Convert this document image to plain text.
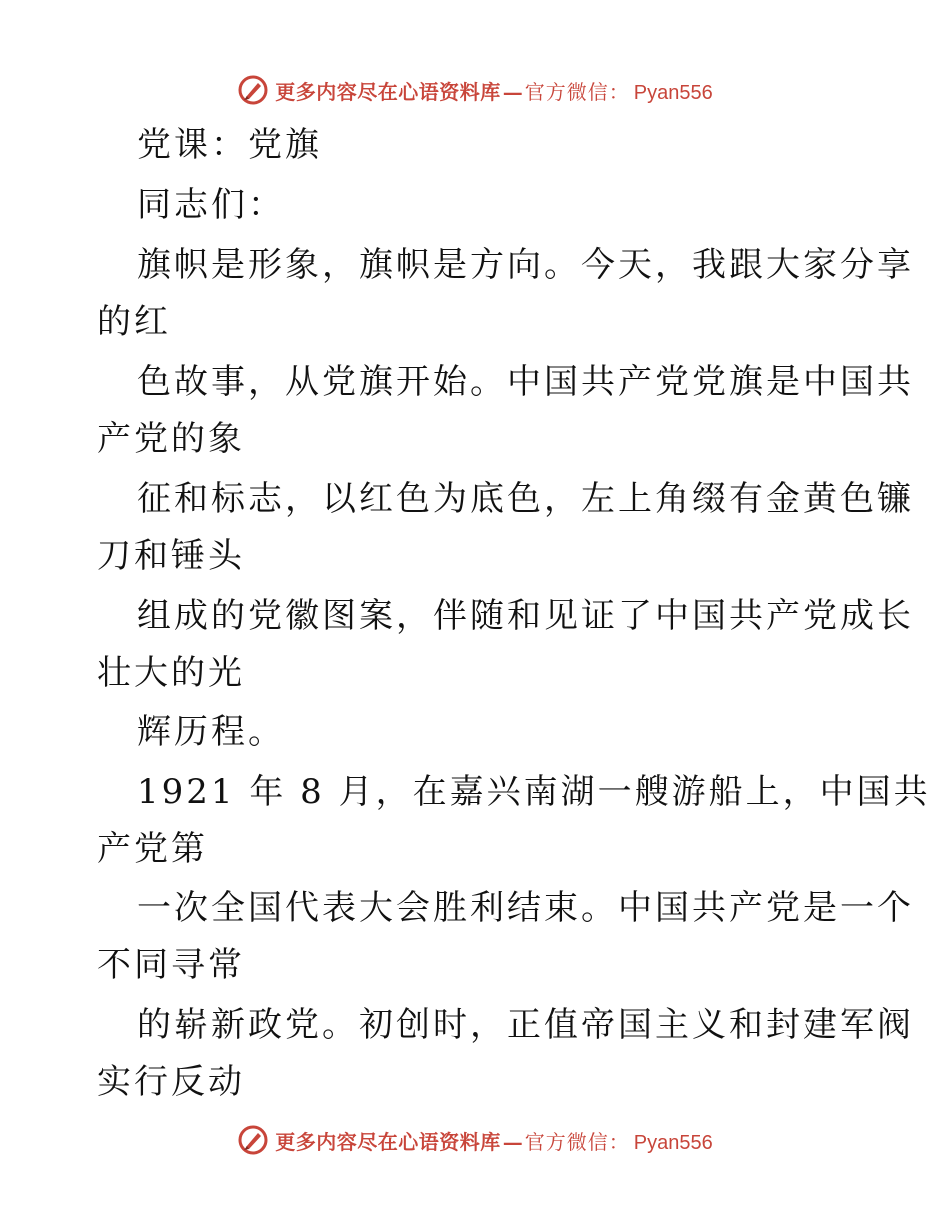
更多内容尽在心语资料库 — 官方微信： Pyan556
党课：党旗
同志们：
旗帜是形象，旗帜是方向。今天，我跟大家分享
的红
色故事，从党旗开始。中国共产党党旗是中国共
产党的象
征和标志，以红色为底色，左上角缀有金黄色镰
刀和锤头
组成的党徽图案，伴随和见证了中国共产党成长
壮大的光
辉历程。
1921 年 8 月，在嘉兴南湖一艘游船上，中国共
产党第
一次全国代表大会胜利结束。中国共产党是一个
不同寻常
的崭新政党。初创时，正值帝国主义和封建军阀
实行反动
更多内容尽在心语资料库 — 官方微信： Pyan556
